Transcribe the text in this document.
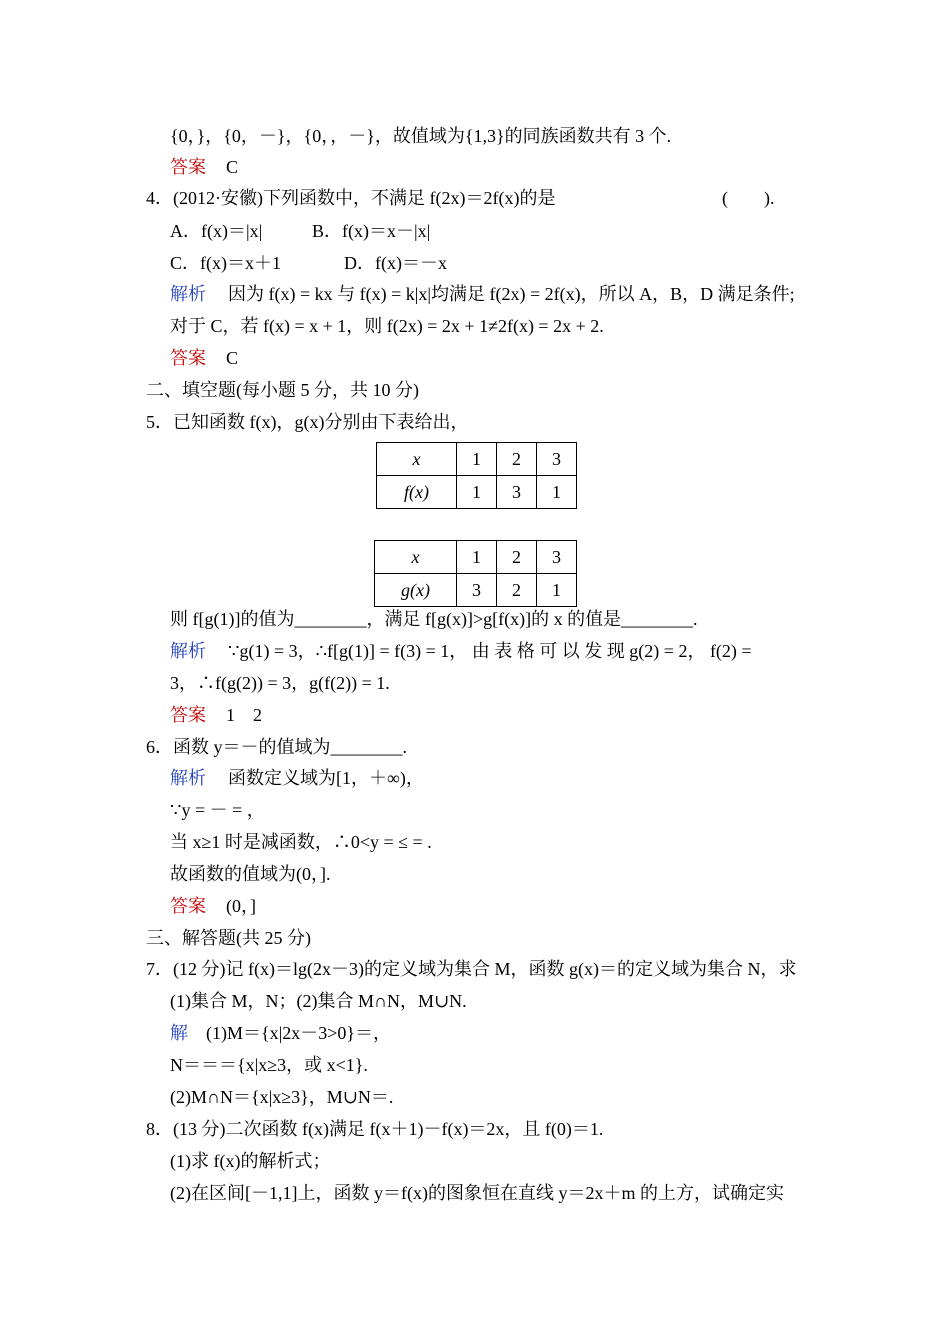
{0，}，{0，－}，{0，，－}，故值域为{1,3}的同族函数共有 3 个.
答案 C
4．(2012·安徽)下列函数中，不满足 f(2x)＝2f(x)的是	(　　).
A．f(x)＝|x|	B．f(x)＝x－|x|
C．f(x)＝x＋1	D．f(x)＝－x
解析 因为 f(x) = kx 与 f(x) = k|x|均满足 f(2x) = 2f(x)，所以 A，B，D 满足条件;
对于 C，若 f(x) = x + 1，则 f(2x) = 2x + 1≠2f(x) = 2x + 2.
答案 C
二、填空题(每小题 5 分，共 10 分)
5．已知函数 f(x)，g(x)分别由下表给出，
x	1	2	3
f(x)	1	3	1
x	1	2	3
g(x)	3	2	1
则 f[g(1)]的值为________，满足 f[g(x)]>g[f(x)]的 x 的值是________.
解析 ∵g(1) = 3，∴f[g(1)] = f(3) = 1， 由 表 格 可 以 发 现 g(2) = 2， f(2) =
3，∴f(g(2)) = 3，g(f(2)) = 1.
答案 1　2
6．函数 y＝－的值域为________.
解析 函数定义域为[1，＋∞)，
∵y = － = ，
当 x≥1 时是减函数，∴0<y = ≤ = .
故函数的值域为(0，].
答案 (0，]
三、解答题(共 25 分)
7．(12 分)记 f(x)＝lg(2x－3)的定义域为集合 M，函数 g(x)＝的定义域为集合 N，求
(1)集合 M，N；(2)集合 M∩N，M∪N.
解 (1)M＝{x|2x－3>0}＝，
N＝＝＝{x|x≥3，或 x<1}.
(2)M∩N＝{x|x≥3}，M∪N＝.
8．(13 分)二次函数 f(x)满足 f(x＋1)－f(x)＝2x，且 f(0)＝1.
(1)求 f(x)的解析式；
(2)在区间[－1,1]上，函数 y＝f(x)的图象恒在直线 y＝2x＋m 的上方，试确定实
